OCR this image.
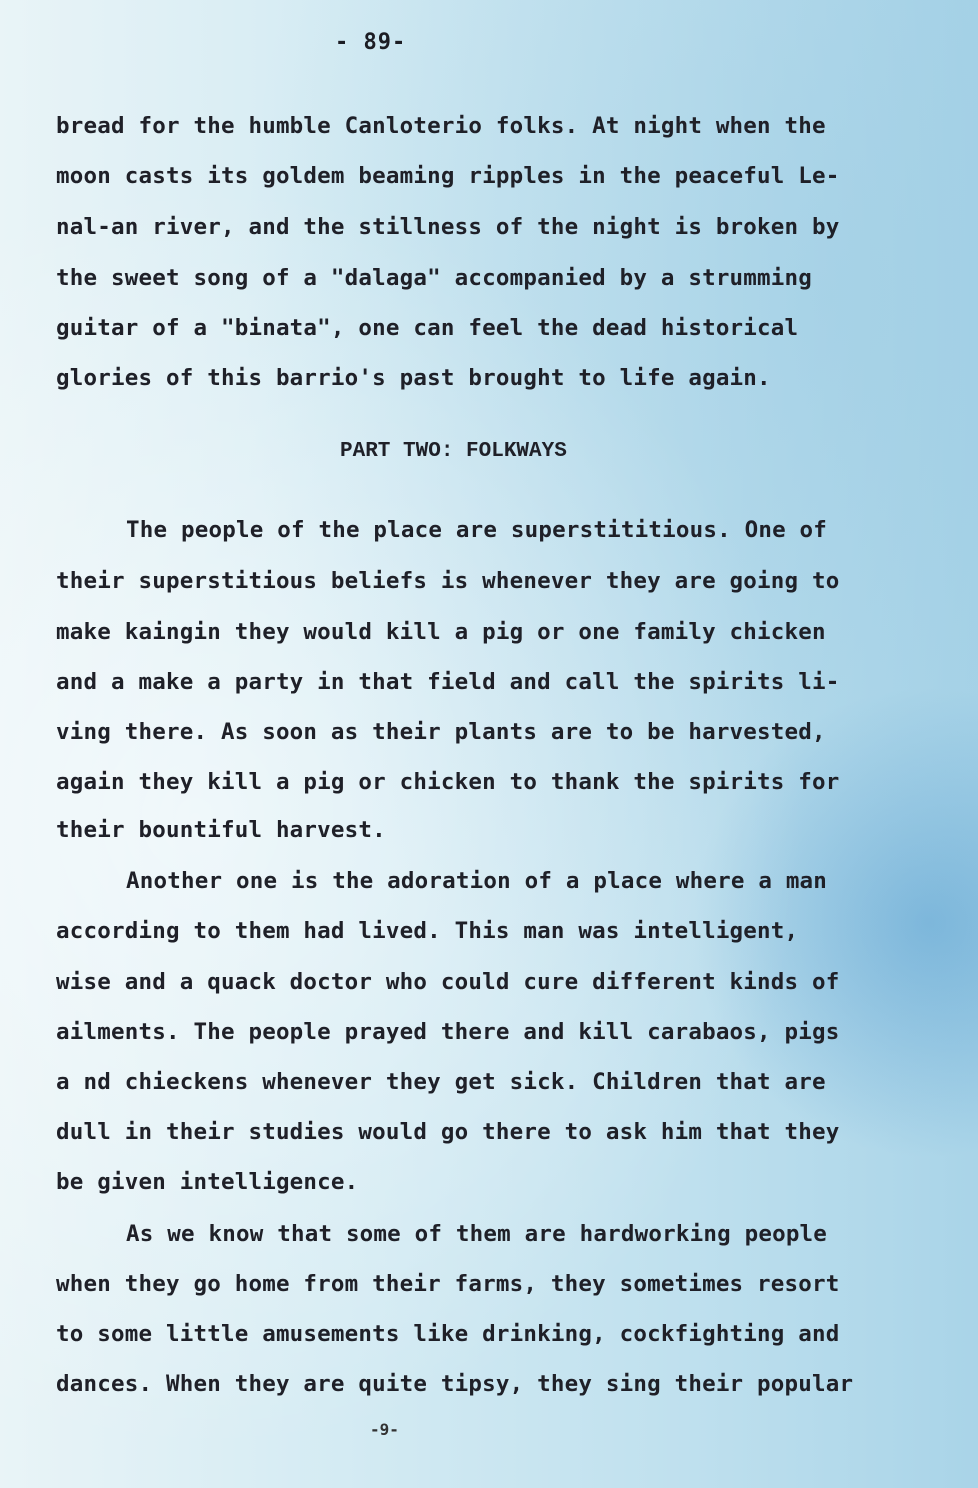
- 89-
bread for the humble Canloterio folks. At night when the
moon casts its goldem beaming ripples in the peaceful Le-
nal-an river, and the stillness of the night is broken by
the sweet song of a "dalaga" accompanied by a strumming
guitar of a "binata", one can feel the dead historical
glories of this barrio's past brought to life again.
PART TWO: FOLKWAYS
The people of the place are superstititious. One of
their superstitious beliefs is whenever they are going to
make kaingin they would kill a pig or one family chicken
and a make a party in that field and call the spirits li-
ving there. As soon as their plants are to be harvested,
again they kill a pig or chicken to thank the spirits for
their bountiful harvest.
Another one is the adoration of a place where a man
according to them had lived. This man was intelligent,
wise and a quack doctor who could cure different kinds of
ailments. The people prayed there and kill carabaos, pigs
a nd chieckens whenever they get sick. Children that are
dull in their studies would go there to ask him that they
be given intelligence.
As we know that some of them are hardworking people
when they go home from their farms, they sometimes resort
to some little amusements like drinking, cockfighting and
dances. When they are quite tipsy, they sing their popular
-9-
